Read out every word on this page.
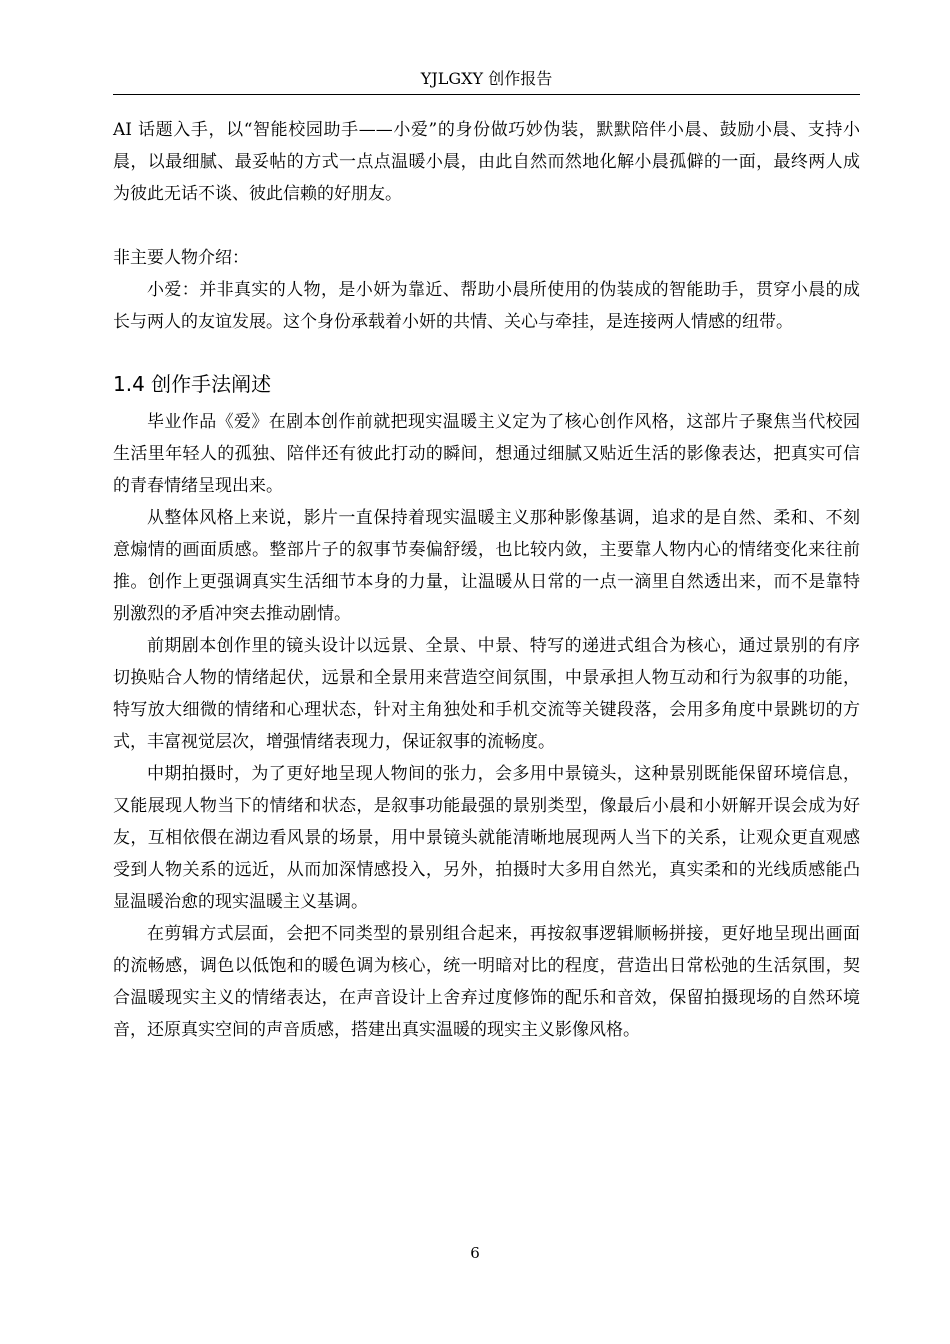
YJLGXY 创作报告

AI 话题入手，以“智能校园助手——小爱”的身份做巧妙伪装，默默陪伴小晨、鼓励小晨、支持小晨，以最细腻、最妥帖的方式一点点温暖小晨，由此自然而然地化解小晨孤僻的一面，最终两人成为彼此无话不谈、彼此信赖的好朋友。

非主要人物介绍：

小爱：并非真实的人物，是小妍为靠近、帮助小晨所使用的伪装成的智能助手，贯穿小晨的成长与两人的友谊发展。这个身份承载着小妍的共情、关心与牵挂，是连接两人情感的纽带。

1.4 创作手法阐述

毕业作品《爱》在剧本创作前就把现实温暖主义定为了核心创作风格，这部片子聚焦当代校园生活里年轻人的孤独、陪伴还有彼此打动的瞬间，想通过细腻又贴近生活的影像表达，把真实可信的青春情绪呈现出来。

从整体风格上来说，影片一直保持着现实温暖主义那种影像基调，追求的是自然、柔和、不刻意煽情的画面质感。整部片子的叙事节奏偏舒缓，也比较内敛，主要靠人物内心的情绪变化来往前推。创作上更强调真实生活细节本身的力量，让温暖从日常的一点一滴里自然透出来，而不是靠特别激烈的矛盾冲突去推动剧情。

前期剧本创作里的镜头设计以远景、全景、中景、特写的递进式组合为核心，通过景别的有序切换贴合人物的情绪起伏，远景和全景用来营造空间氛围，中景承担人物互动和行为叙事的功能，特写放大细微的情绪和心理状态，针对主角独处和手机交流等关键段落，会用多角度中景跳切的方式，丰富视觉层次，增强情绪表现力，保证叙事的流畅度。

中期拍摄时，为了更好地呈现人物间的张力，会多用中景镜头，这种景别既能保留环境信息，又能展现人物当下的情绪和状态，是叙事功能最强的景别类型，像最后小晨和小妍解开误会成为好友，互相依偎在湖边看风景的场景，用中景镜头就能清晰地展现两人当下的关系，让观众更直观感受到人物关系的远近，从而加深情感投入，另外，拍摄时大多用自然光，真实柔和的光线质感能凸显温暖治愈的现实温暖主义基调。

在剪辑方式层面，会把不同类型的景别组合起来，再按叙事逻辑顺畅拼接，更好地呈现出画面的流畅感，调色以低饱和的暖色调为核心，统一明暗对比的程度，营造出日常松弛的生活氛围，契合温暖现实主义的情绪表达，在声音设计上舍弃过度修饰的配乐和音效，保留拍摄现场的自然环境音，还原真实空间的声音质感，搭建出真实温暖的现实主义影像风格。

6
